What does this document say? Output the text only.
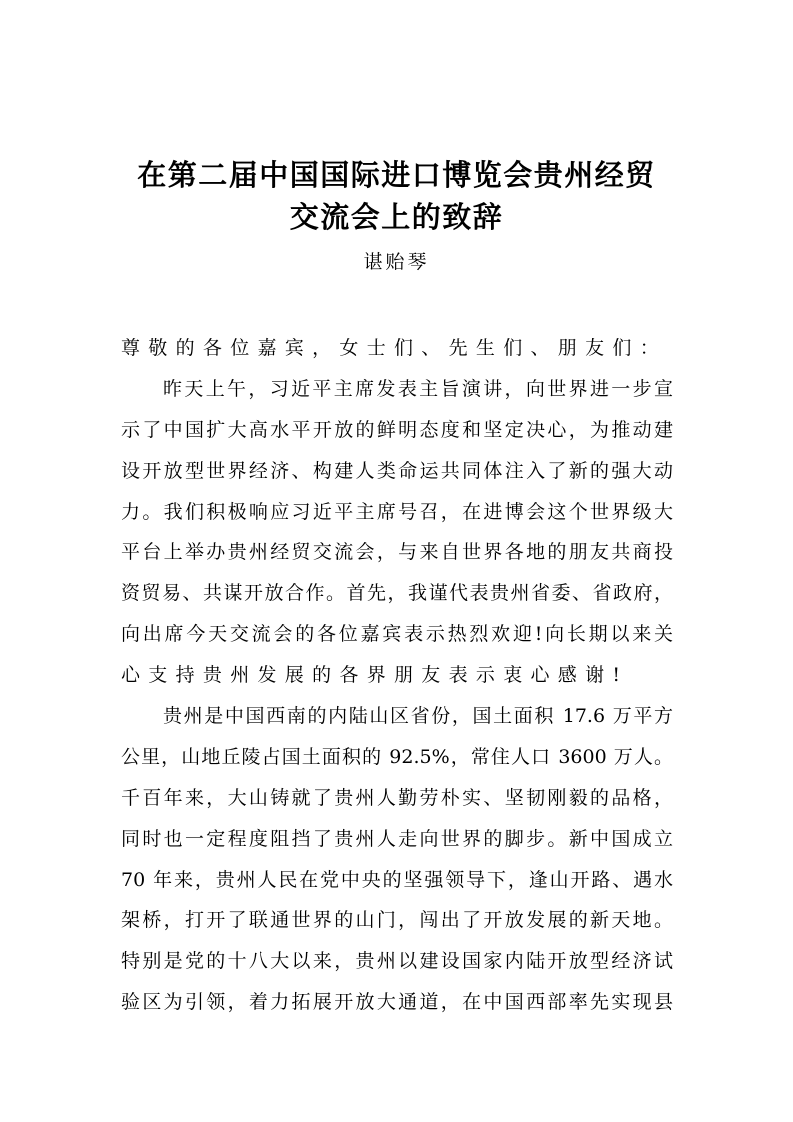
在第二届中国国际进口博览会贵州经贸
交流会上的致辞
谌贻琴
尊敬的各位嘉宾，女士们、先生们、朋友们：
昨天上午，习近平主席发表主旨演讲，向世界进一步宣
示了中国扩大高水平开放的鲜明态度和坚定决心，为推动建
设开放型世界经济、构建人类命运共同体注入了新的强大动
力。我们积极响应习近平主席号召，在进博会这个世界级大
平台上举办贵州经贸交流会，与来自世界各地的朋友共商投
资贸易、共谋开放合作。首先，我谨代表贵州省委、省政府，
向出席今天交流会的各位嘉宾表示热烈欢迎!向长期以来关
心支持贵州发展的各界朋友表示衷心感谢!
贵州是中国西南的内陆山区省份，国土面积 17.6 万平方
公里，山地丘陵占国土面积的 92.5%，常住人口 3600 万人。
千百年来，大山铸就了贵州人勤劳朴实、坚韧刚毅的品格，
同时也一定程度阻挡了贵州人走向世界的脚步。新中国成立
70 年来，贵州人民在党中央的坚强领导下，逢山开路、遇水
架桥，打开了联通世界的山门，闯出了开放发展的新天地。
特别是党的十八大以来，贵州以建设国家内陆开放型经济试
验区为引领，着力拓展开放大通道，在中国西部率先实现县
